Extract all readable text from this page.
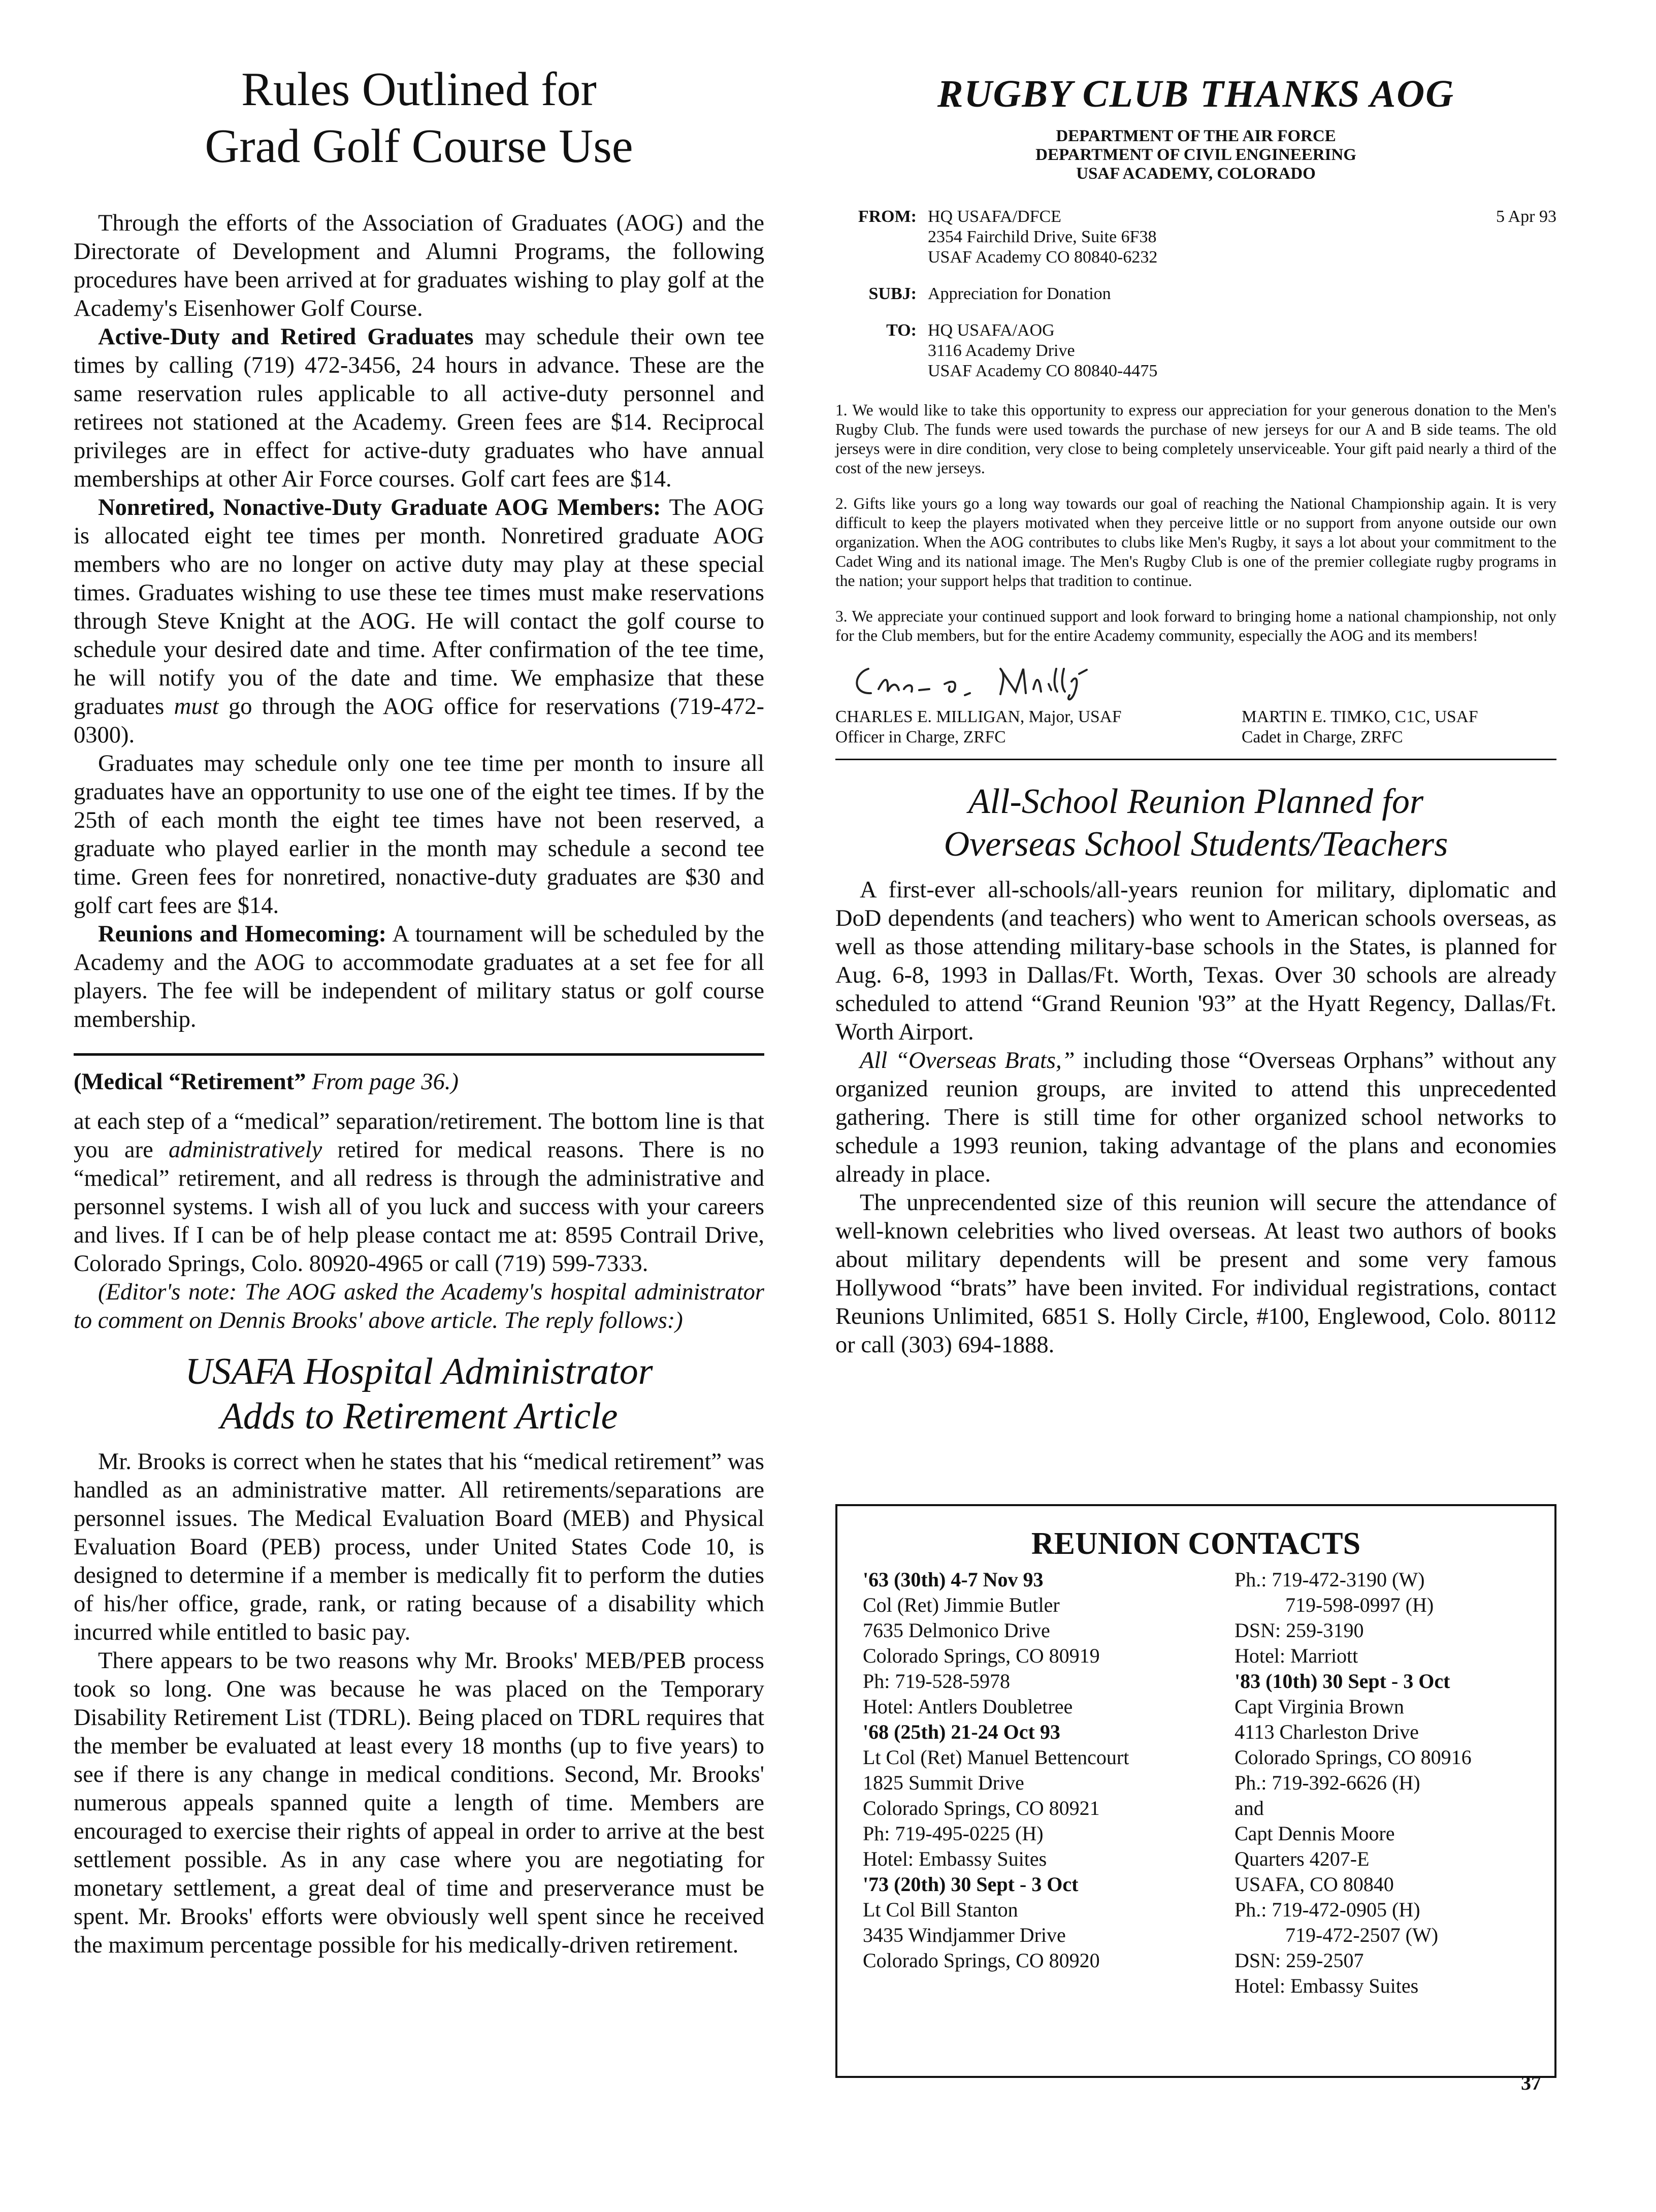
Rules Outlined for
Grad Golf Course Use

Through the efforts of the Association of Graduates (AOG) and the Directorate of Development and Alumni Programs, the following procedures have been arrived at for graduates wishing to play golf at the Academy's Eisenhower Golf Course.

Active-Duty and Retired Graduates may schedule their own tee times by calling (719) 472-3456, 24 hours in advance. These are the same reservation rules applicable to all active-duty personnel and retirees not stationed at the Academy. Green fees are $14. Reciprocal privileges are in effect for active-duty graduates who have annual memberships at other Air Force courses. Golf cart fees are $14.

Nonretired, Nonactive-Duty Graduate AOG Members: The AOG is allocated eight tee times per month. Nonretired graduate AOG members who are no longer on active duty may play at these special times. Graduates wishing to use these tee times must make reservations through Steve Knight at the AOG. He will contact the golf course to schedule your desired date and time. After confirmation of the tee time, he will notify you of the date and time. We emphasize that these graduates must go through the AOG office for reservations (719-472-0300).

Graduates may schedule only one tee time per month to insure all graduates have an opportunity to use one of the eight tee times. If by the 25th of each month the eight tee times have not been reserved, a graduate who played earlier in the month may schedule a second tee time. Green fees for nonretired, nonactive-duty graduates are $30 and golf cart fees are $14.

Reunions and Homecoming: A tournament will be scheduled by the Academy and the AOG to accommodate graduates at a set fee for all players. The fee will be independent of military status or golf course membership.

(Medical “Retirement” From page 36.)

at each step of a “medical” separation/retirement. The bottom line is that you are administratively retired for medical reasons. There is no “medical” retirement, and all redress is through the administrative and personnel systems. I wish all of you luck and success with your careers and lives. If I can be of help please contact me at: 8595 Contrail Drive, Colorado Springs, Colo. 80920-4965 or call (719) 599-7333.

(Editor's note: The AOG asked the Academy's hospital administrator to comment on Dennis Brooks' above article. The reply follows:)

USAFA Hospital Administrator
Adds to Retirement Article

Mr. Brooks is correct when he states that his “medical retirement” was handled as an administrative matter. All retirements/separations are personnel issues. The Medical Evaluation Board (MEB) and Physical Evaluation Board (PEB) process, under United States Code 10, is designed to determine if a member is medically fit to perform the duties of his/her office, grade, rank, or rating because of a disability which incurred while entitled to basic pay.

There appears to be two reasons why Mr. Brooks' MEB/PEB process took so long. One was because he was placed on the Temporary Disability Retirement List (TDRL). Being placed on TDRL requires that the member be evaluated at least every 18 months (up to five years) to see if there is any change in medical conditions. Second, Mr. Brooks' numerous appeals spanned quite a length of time. Members are encouraged to exercise their rights of appeal in order to arrive at the best settlement possible. As in any case where you are negotiating for monetary settlement, a great deal of time and preserverance must be spent. Mr. Brooks' efforts were obviously well spent since he received the maximum percentage possible for his medically-driven retirement.

RUGBY CLUB THANKS AOG
DEPARTMENT OF THE AIR FORCE
DEPARTMENT OF CIVIL ENGINEERING
USAF ACADEMY, COLORADO
FROM: HQ USAFA/DFCE
2354 Fairchild Drive, Suite 6F38
USAF Academy CO 80840-6232
5 Apr 93
SUBJ: Appreciation for Donation
TO: HQ USAFA/AOG
3116 Academy Drive
USAF Academy CO 80840-4475

1. We would like to take this opportunity to express our appreciation for your generous donation to the Men's Rugby Club. The funds were used towards the purchase of new jerseys for our A and B side teams. The old jerseys were in dire condition, very close to being completely unserviceable. Your gift paid nearly a third of the cost of the new jerseys.

2. Gifts like yours go a long way towards our goal of reaching the National Championship again. It is very difficult to keep the players motivated when they perceive little or no support from anyone outside our own organization. When the AOG contributes to clubs like Men's Rugby, it says a lot about your commitment to the Cadet Wing and its national image. The Men's Rugby Club is one of the premier collegiate rugby programs in the nation; your support helps that tradition to continue.

3. We appreciate your continued support and look forward to bringing home a national championship, not only for the Club members, but for the entire Academy community, especially the AOG and its members!

CHARLES E. MILLIGAN, Major, USAF
Officer in Charge, ZRFC
MARTIN E. TIMKO, C1C, USAF
Cadet in Charge, ZRFC
All-School Reunion Planned for
Overseas School Students/Teachers

A first-ever all-schools/all-years reunion for military, diplomatic and DoD dependents (and teachers) who went to American schools overseas, as well as those attending military-base schools in the States, is planned for Aug. 6-8, 1993 in Dallas/Ft. Worth, Texas. Over 30 schools are already scheduled to attend “Grand Reunion '93” at the Hyatt Regency, Dallas/Ft. Worth Airport.

All “Overseas Brats,” including those “Overseas Orphans” without any organized reunion groups, are invited to attend this unprecedented gathering. There is still time for other organized school networks to schedule a 1993 reunion, taking advantage of the plans and economies already in place.

The unprecendented size of this reunion will secure the attendance of well-known celebrities who lived overseas. At least two authors of books about military dependents will be present and some very famous Hollywood “brats” have been invited. For individual registrations, contact Reunions Unlimited, 6851 S. Holly Circle, #100, Englewood, Colo. 80112 or call (303) 694-1888.

REUNION CONTACTS
'63 (30th) 4-7 Nov 93
Col (Ret) Jimmie Butler
7635 Delmonico Drive
Colorado Springs, CO 80919
Ph: 719-528-5978
Hotel: Antlers Doubletree
'68 (25th) 21-24 Oct 93
Lt Col (Ret) Manuel Bettencourt
1825 Summit Drive
Colorado Springs, CO 80921
Ph: 719-495-0225 (H)
Hotel: Embassy Suites
'73 (20th) 30 Sept - 3 Oct
Lt Col Bill Stanton
3435 Windjammer Drive
Colorado Springs, CO 80920
Ph.: 719-472-3190 (W)
719-598-0997 (H)
DSN: 259-3190
Hotel: Marriott
'83 (10th) 30 Sept - 3 Oct
Capt Virginia Brown
4113 Charleston Drive
Colorado Springs, CO 80916
Ph.: 719-392-6626 (H)
and
Capt Dennis Moore
Quarters 4207-E
USAFA, CO 80840
Ph.: 719-472-0905 (H)
719-472-2507 (W)
DSN: 259-2507
Hotel: Embassy Suites
37
